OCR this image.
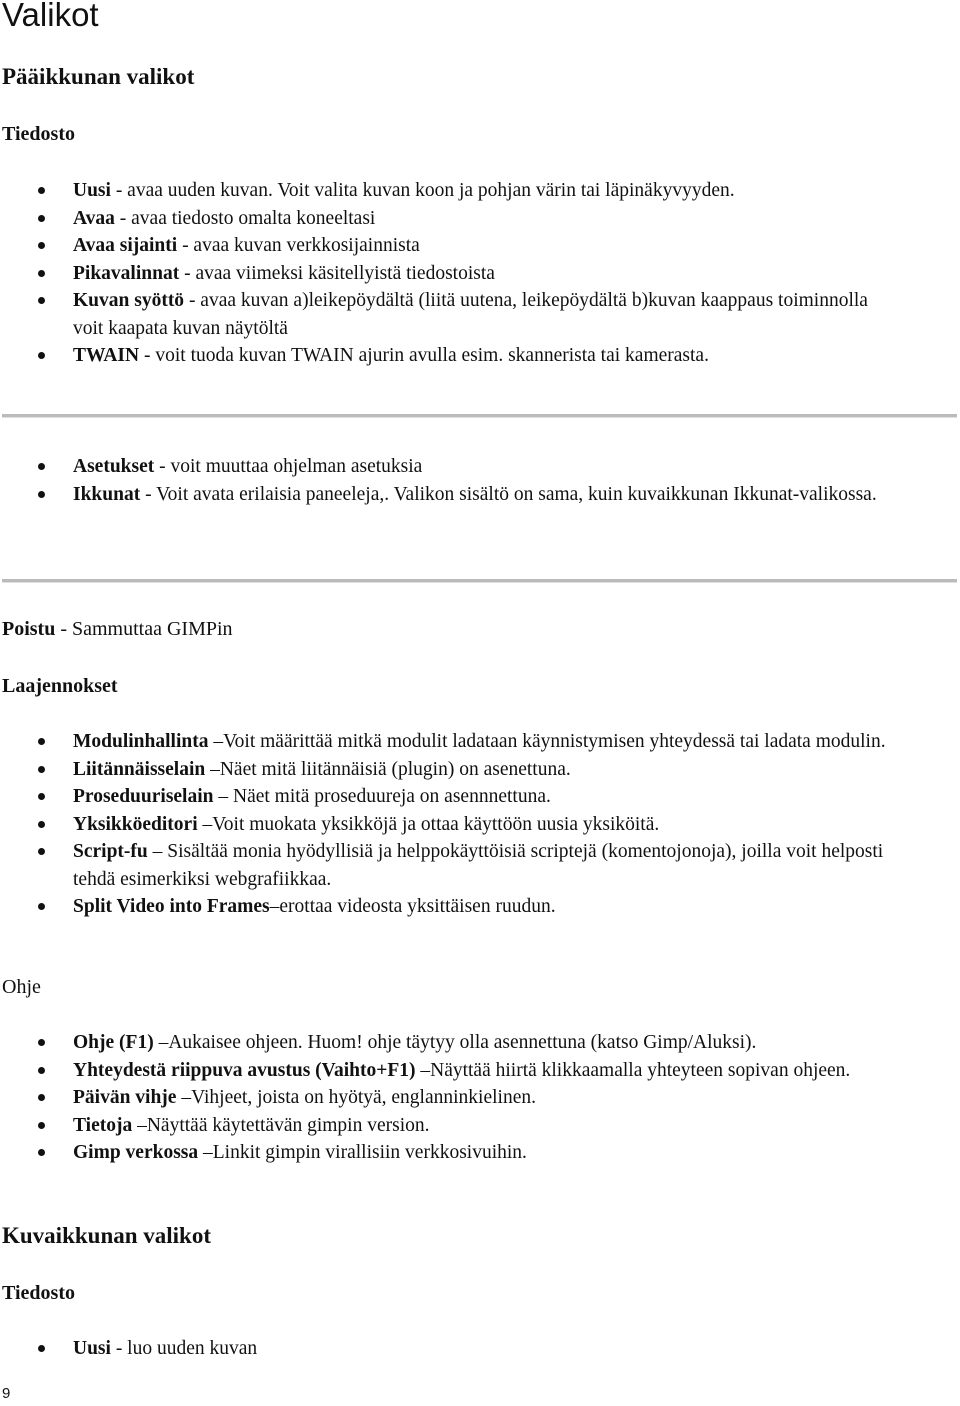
Valikot
Pääikkunan valikot
Tiedosto
Uusi - avaa uuden kuvan. Voit valita kuvan koon ja pohjan värin tai läpinäkyvyyden.
Avaa - avaa tiedosto omalta koneeltasi
Avaa sijainti - avaa kuvan verkkosijainnista
Pikavalinnat - avaa viimeksi käsitellyistä tiedostoista
Kuvan syöttö - avaa kuvan a)leikepöydältä (liitä uutena, leikepöydältä b)kuvan kaappaus toiminnolla voit kaapata kuvan näytöltä
TWAIN - voit tuoda kuvan TWAIN ajurin avulla esim. skannerista tai kamerasta.
Asetukset - voit muuttaa ohjelman asetuksia
Ikkunat - Voit avata erilaisia paneeleja,. Valikon sisältö on sama, kuin kuvaikkunan Ikkunat-valikossa.
Poistu - Sammuttaa GIMPin
Laajennokset
Modulinhallinta –Voit määrittää mitkä modulit ladataan käynnistymisen yhteydessä tai ladata modulin.
Liitännäisselain –Näet mitä liitännäisiä (plugin) on asenettuna.
Proseduuriselain – Näet mitä proseduureja on asennnettuna.
Yksikköeditori –Voit muokata yksikköjä ja ottaa käyttöön uusia yksiköitä.
Script-fu – Sisältää monia hyödyllisiä ja helppokäyttöisiä scriptejä (komentojonoja), joilla voit helposti tehdä esimerkiksi webgrafiikkaa.
Split Video into Frames–erottaa videosta yksittäisen ruudun.
Ohje
Ohje (F1) –Aukaisee ohjeen. Huom! ohje täytyy olla asennettuna (katso Gimp/Aluksi).
Yhteydestä riippuva avustus (Vaihto+F1) –Näyttää hiirtä klikkaamalla yhteyteen sopivan ohjeen.
Päivän vihje –Vihjeet, joista on hyötyä, englanninkielinen.
Tietoja –Näyttää käytettävän gimpin version.
Gimp verkossa –Linkit gimpin virallisiin verkkosivuihin.
Kuvaikkunan valikot
Tiedosto
Uusi - luo uuden kuvan
9
